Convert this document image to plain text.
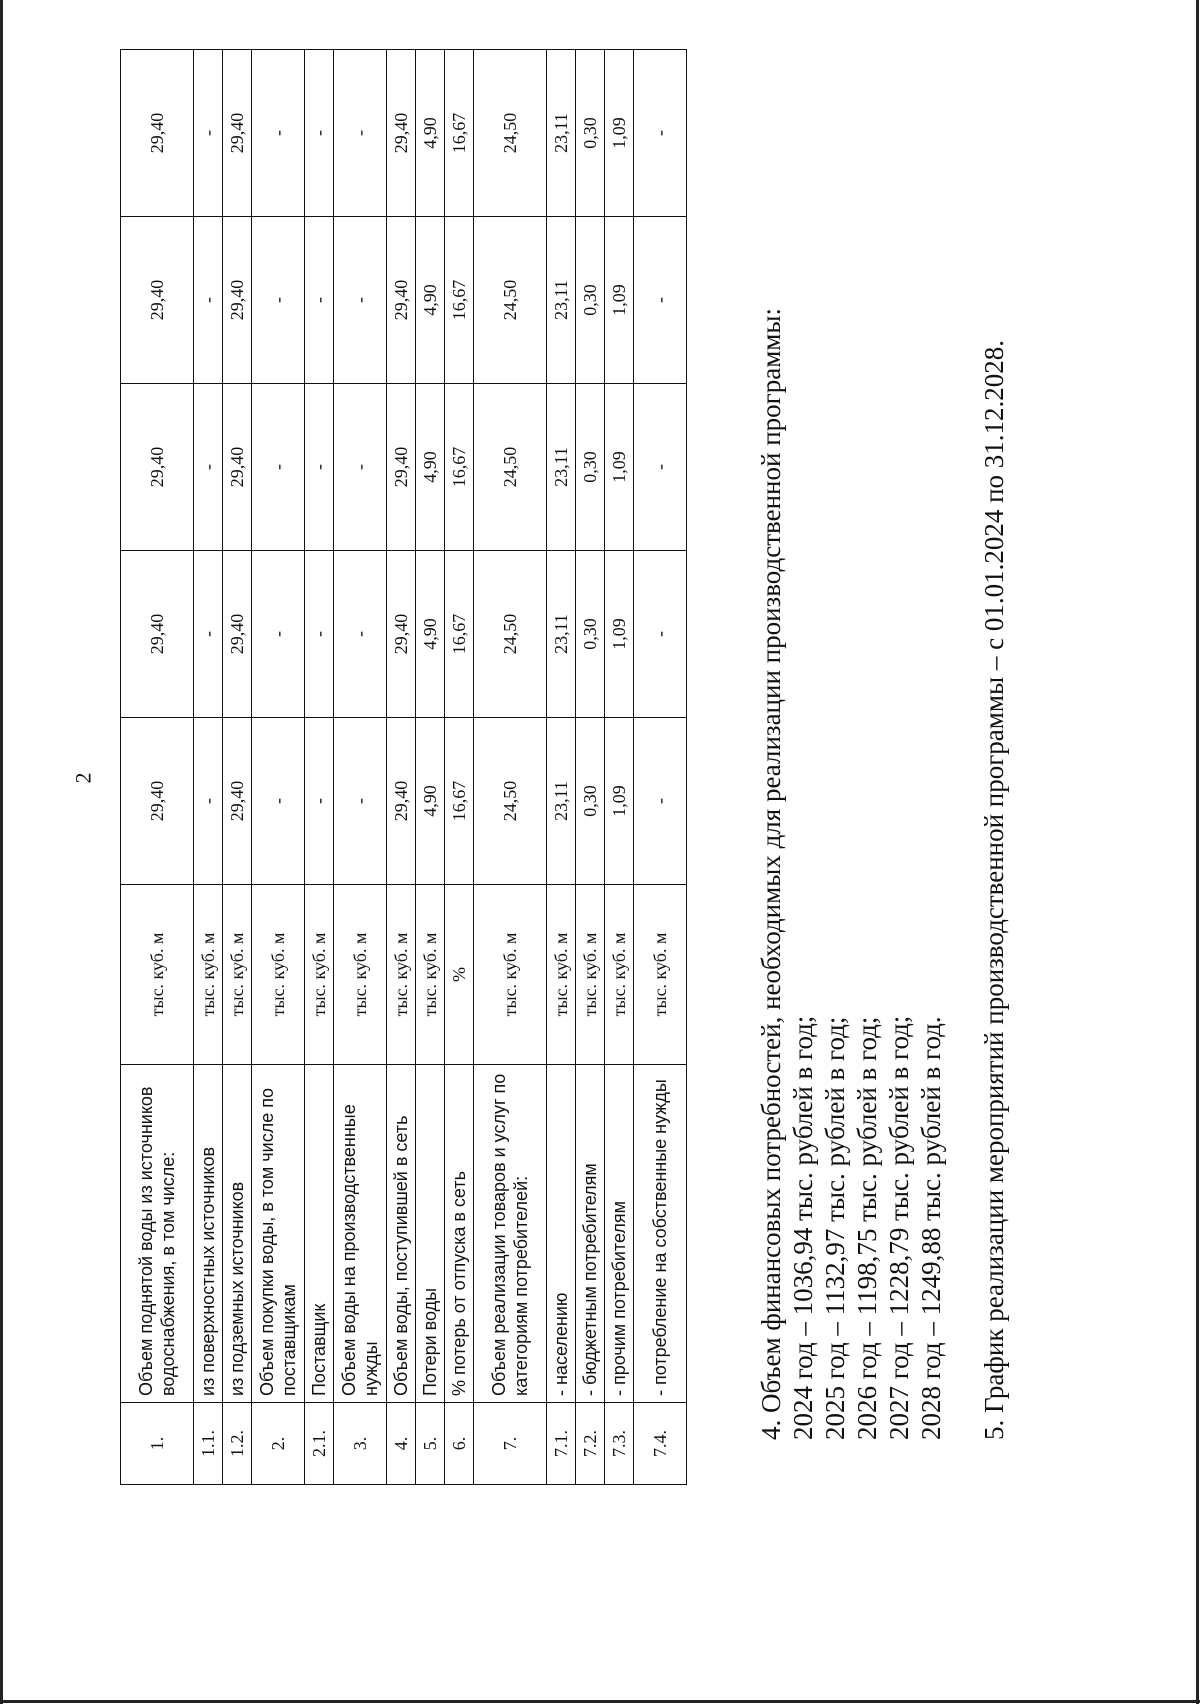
2
1.	Объем поднятой воды из источников водоснабжения, в том числе:	тыс. куб. м	29,40	29,40	29,40	29,40	29,40
1.1.	из поверхностных источников	тыс. куб. м	-	-	-	-	-
1.2.	из подземных источников	тыс. куб. м	29,40	29,40	29,40	29,40	29,40
2.	Объем покупки воды, в том числе по поставщикам	тыс. куб. м	-	-	-	-	-
2.1.	Поставщик	тыс. куб. м	-	-	-	-	-
3.	Объем воды на производственные нужды	тыс. куб. м	-	-	-	-	-
4.	Объем воды, поступившей в сеть	тыс. куб. м	29,40	29,40	29,40	29,40	29,40
5.	Потери воды	тыс. куб. м	4,90	4,90	4,90	4,90	4,90
6.	% потерь от отпуска в сеть	%	16,67	16,67	16,67	16,67	16,67
7.	Объем реализации товаров и услуг по категориям потребителей:	тыс. куб. м	24,50	24,50	24,50	24,50	24,50
7.1.	- населению	тыс. куб. м	23,11	23,11	23,11	23,11	23,11
7.2.	- бюджетным потребителям	тыс. куб. м	0,30	0,30	0,30	0,30	0,30
7.3.	- прочим потребителям	тыс. куб. м	1,09	1,09	1,09	1,09	1,09
7.4.	- потребление на собственные нужды	тыс. куб. м	-	-	-	-	-

4. Объем финансовых потребностей, необходимых для реализации производственной программы: 2024 год – 1036,94 тыс. рублей в год; 2025 год – 1132,97 тыс. рублей в год; 2026 год – 1198,75 тыс. рублей в год; 2027 год – 1228,79 тыс. рублей в год; 2028 год – 1249,88 тыс. рублей в год. 5. График реализации мероприятий производственной программы – с 01.01.2024 по 31.12.2028.
